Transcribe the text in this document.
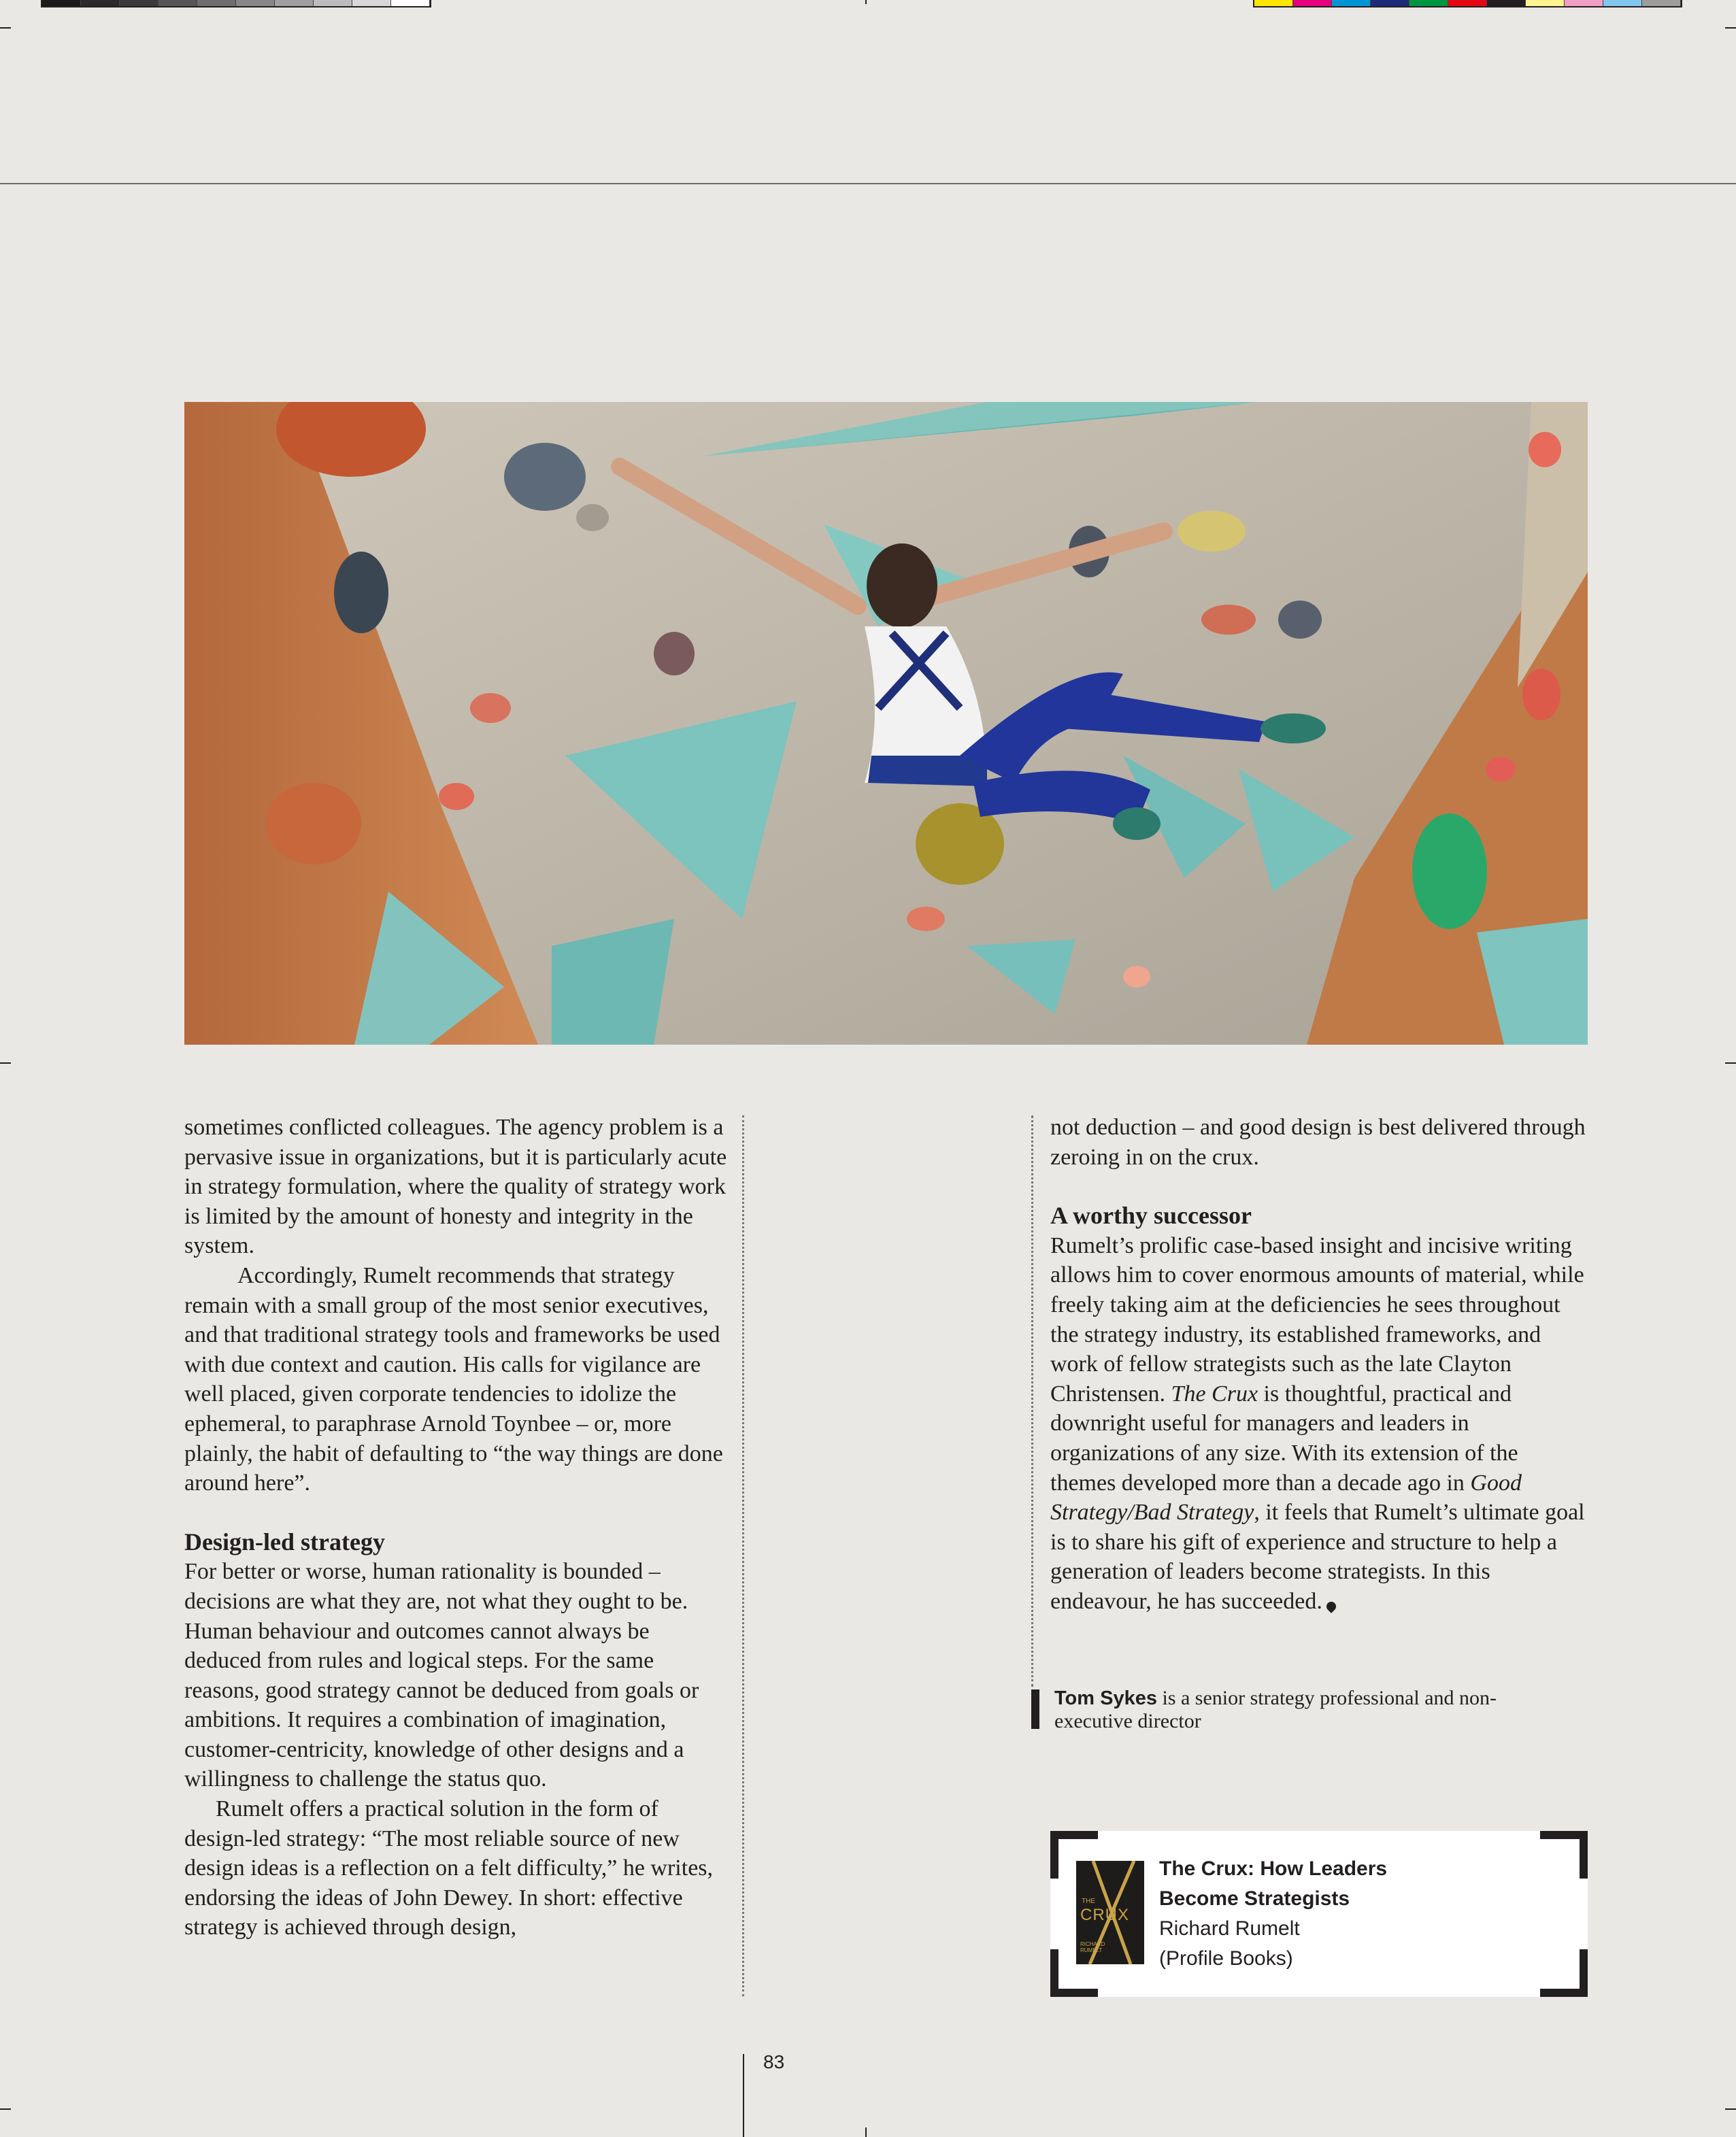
sometimes conflicted colleagues. The agency problem is a pervasive issue in organizations, but it is particularly acute in strategy formulation, where the quality of strategy work is limited by the amount of honesty and integrity in the system.

Accordingly, Rumelt recommends that strategy remain with a small group of the most senior executives, and that traditional strategy tools and frameworks be used with due context and caution. His calls for vigilance are well placed, given corporate tendencies to idolize the ephemeral, to paraphrase Arnold Toynbee – or, more plainly, the habit of defaulting to “the way things are done around here”.

Design-led strategy

For better or worse, human rationality is bounded – decisions are what they are, not what they ought to be. Human behaviour and outcomes cannot always be deduced from rules and logical steps. For the same reasons, good strategy cannot be deduced from goals or ambitions. It requires a combination of imagination, customer-centricity, knowledge of other designs and a willingness to challenge the status quo.

Rumelt offers a practical solution in the form of design-led strategy: “The most reliable source of new design ideas is a reflection on a felt difficulty,” he writes, endorsing the ideas of John Dewey. In short: effective strategy is achieved through design,

not deduction – and good design is best delivered through zeroing in on the crux.

A worthy successor

Rumelt’s prolific case-based insight and incisive writing allows him to cover enormous amounts of material, while freely taking aim at the deficiencies he sees throughout the strategy industry, its established frameworks, and work of fellow strategists such as the late Clayton Christensen. The Crux is thoughtful, practical and downright useful for managers and leaders in organizations of any size. With its extension of the themes developed more than a decade ago in Good Strategy/Bad Strategy, it feels that Rumelt’s ultimate goal is to share his gift of experience and structure to help a generation of leaders become strategists. In this endeavour, he has succeeded.

Tom Sykes is a senior strategy professional and non-executive director
THE
CRUX
RICHARD RUMELT
The Crux: How Leaders
Become Strategists
Richard Rumelt
(Profile Books)
83
